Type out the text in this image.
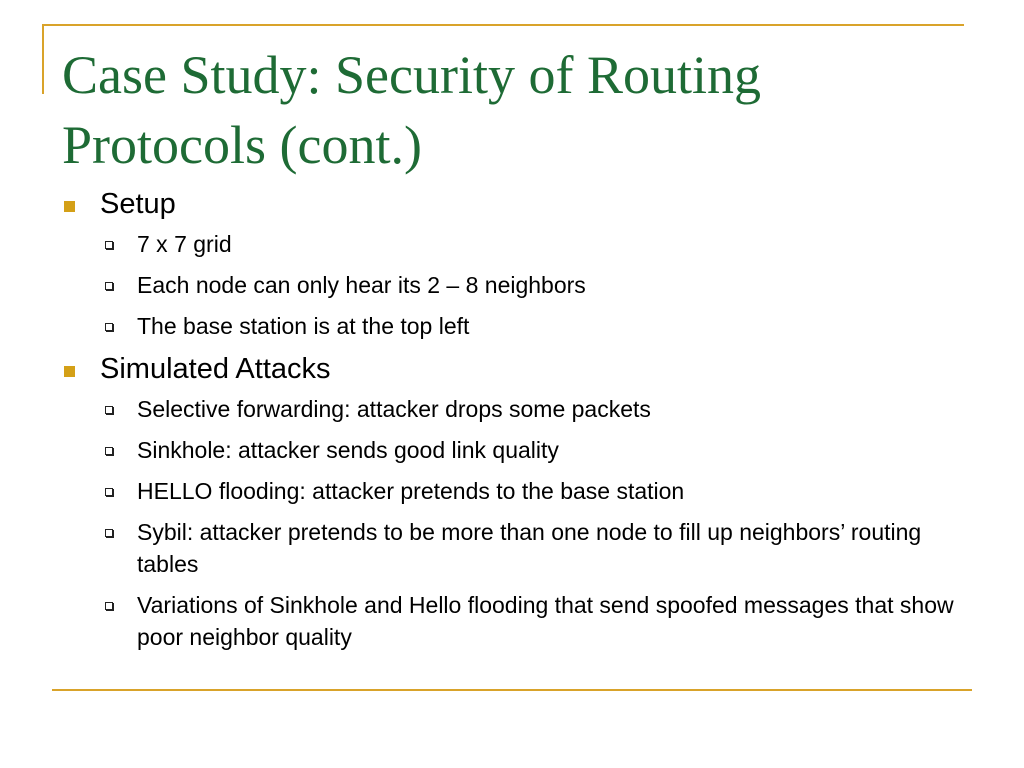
Case Study: Security of Routing Protocols (cont.)
Setup
7 x 7 grid
Each node can only hear its 2 – 8 neighbors
The base station is at the top left
Simulated Attacks
Selective forwarding: attacker drops some packets
Sinkhole: attacker sends good link quality
HELLO flooding: attacker pretends to the base station
Sybil: attacker pretends to be more than one node to fill up neighbors’ routing tables
Variations of Sinkhole and Hello flooding that send spoofed messages that show poor neighbor quality
